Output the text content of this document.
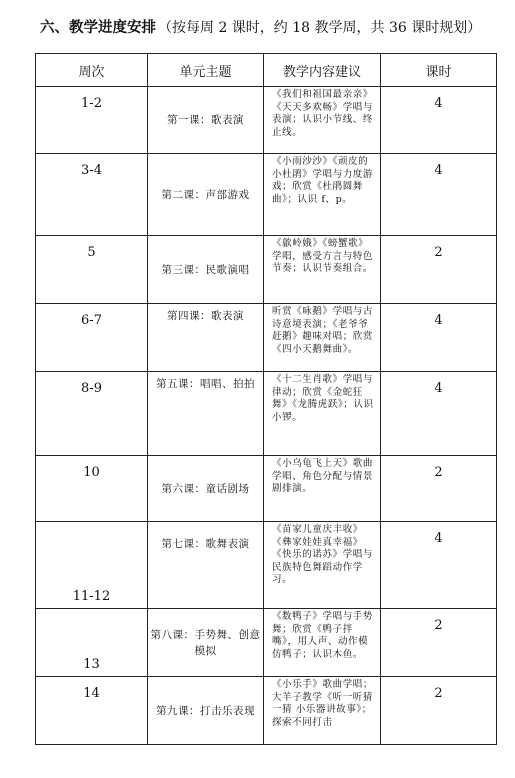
六、教学进度安排 （按每周 2 课时，约 18 教学周，共 36 课时规划）
周次	单元主题	教学内容建议	课时

1-2	第一课：歌表演	《我们和祖国最亲亲》《天天多欢畅》学唱与表演；认识小节线、终止线。	4

3-4	第二课：声部游戏	《小雨沙沙》《顽皮的小杜鹃》学唱与力度游戏；欣赏《杜鹃圆舞曲》；认识 f、p。	4

5	第三课：民歌演唱	《歙岭娥》《螃蟹歌》学唱，感受方言与特色节奏；认识节奏组合。	2

6-7	第四课：歌表演	听赏《咏鹅》学唱与古诗意境表演；《老爷爷赶鹅》趣味对唱；欣赏《四小天鹅舞曲》。	4

8-9	第五课：唱唱、拍拍	《十二生肖歌》学唱与律动；欣赏《金蛇狂舞》《龙腾虎跃》；认识小锣。	4

10	第六课：童话剧场	《小乌龟飞上天》歌曲学唱、角色分配与情景剧排演。	2

11-12	第七课：歌舞表演	《苗家儿童庆丰收》《彝家娃娃真幸福》《快乐的诺苏》学唱与民族特色舞蹈动作学习。	4

13	第八课：手势舞、创意模拟	《数鸭子》学唱与手势舞；欣赏《鸭子拌嘴》，用人声、动作模仿鸭子；认识木鱼。	2

14	第九课：打击乐表现	《小乐手》歌曲学唱；大羊子教学《听一听猜一猜 小乐器讲故事》；探索不同打击	2
